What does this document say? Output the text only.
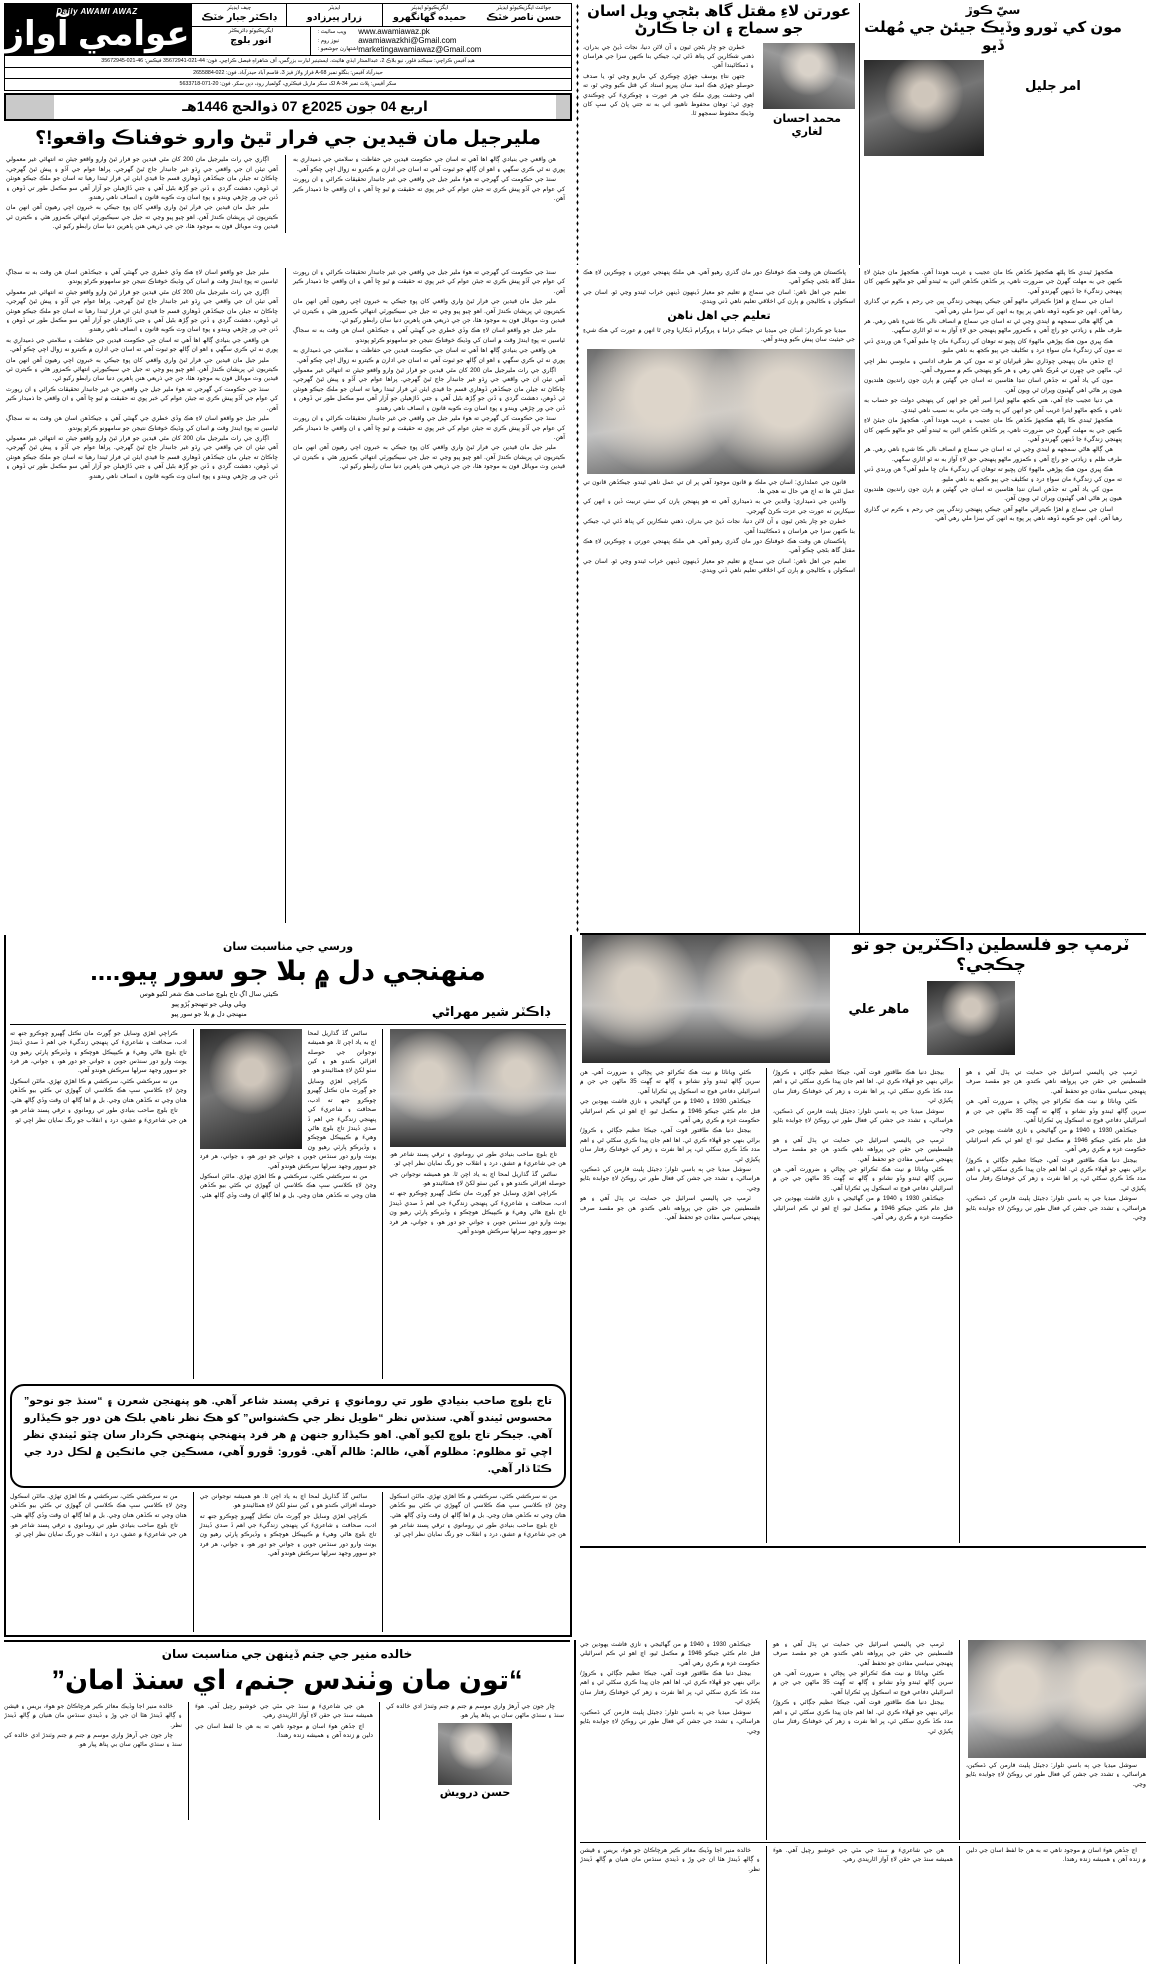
Daily AWAMI AWAZ
عوامي آواز
چيف ايڊيٽر
ڊاڪٽر جبار خٽڪ
ايڊيٽر
زرار پيرزادو
ايگزيڪيوٽو ايڊيٽر
حميده گهانگهرو
جوائنٽ ايگزيڪيوٽو ايڊيٽر
حسن ناصر خٽڪ
ايگزيڪيوٽو ڊائريڪٽر
انور بلوچ
ويب سائيٽ :
نيوز روم :
اشتهارن جوشعبو :
www.awamiawaz.pk
awamiawazkhi@Gmail.com
marketingawamiawaz@Gmail.com
هيڊ آفيس ڪراچي: سيڪنڊ فلور، نيو بلاڪ 2، عبدالستار ايڏي هائيٽ، ايستينبر لبارت بزرگس، آف شاهراهِ فيصل ڪراچي. فون: 44-021-35672941 فيڪس: 46-021-35672945
حيدرآباد آفيس: بنگلو نمبر 68-A فراز ولاز فيز 3، قاسم آباد حيدرآباد. فون: 022-2655884
سکر آفيس: پلاٽ نمبر 34-A لک سکر ماربل فيڪٽري، گولميار روڊ، دٻن سکر. فون: 20-071-5633718
اربع 04 جون 2025ع 07 ذوالحج 1446هـ
مليرجيل مان قيدين جي فرار ٿيڻ وارو خوفناڪ واقعو!؟

اڳاري جي رات مليرجيل مان 200 کان مٿي قيدين جو فرار ٿيڻ وارو واقعو جيئن ته انتهائي غير معمولي آهي تيئن ان جي واقعي جي رِڌو غير جانبدار جاج ٿيڻ گهرجي. پراها عوام جي آڏو ۽ پيش ٿيڻ گهرجي، چاڪاڻ ته جيلن مان جيڪڏهن ڏوهاري قسم جا قيدي ايئن ئي فرار ٿيندا رهيا ته اسان جو ملڪ جيڪو هونئن ئي ڏوهن، دهشت گردي ۽ ڏنن جو ڳڙھ بڻيل آهي ۽ جتي ڏاڙهيلن جو آزار آهي سو مڪمل طور تي ڏوهن ۽ ڏنن جي ور چڙهي ويندو ۽ پوءِ اسان وٽ ڪوبه قانون ۽ انصاف ناهي رهندو.

ملير جيل مان قيدين جي فرار ٿيڻ واري واقعي کان پوءِ جيڪي به خبرون اچي رهيون آهن انهن مان ڪيتريون ئي پريشان ڪندڙ آهن. اهو چيو پيو وڃي ته جيل جي سيڪيورٽي انتهائي ڪمزور هئي ۽ ڪيترن ئي قيدين وٽ موبائل فون به موجود هئا، جن جي ذريعي هنن ٻاهرين دنيا سان رابطو رکيو ٿي.

هن واقعي جي بنيادي ڳالھ اها آهي ته اسان جي حڪومت قيدين جي حفاظت ۽ سلامتي جي ذميداري به پوري نه ٿي ڪري سگهي ۽ اهو ان ڳالھ جو ثبوت آهي ته اسان جي ادارن ۾ ڪيترو نه زوال اچي چڪو آهي.

سنڌ جي حڪومت کي گهرجي ته هوءَ ملير جيل جي واقعي جي غير جانبدار تحقيقات ڪرائي ۽ ان رپورٽ کي عوام جي آڏو پيش ڪري ته جيئن عوام کي خبر پوي ته حقيقت ۾ ٿيو ڇا آهي ۽ ان واقعي جا ذميدار ڪير آهن.

عورتن لاءِ مقتل گاھ بڻجي ويل اسان جو سماج ۽ ان جا ڪارڻ

خطرن جو چار بڻجن ٿيون ۽ آن لائن دنيا، نجات ڏيڻ جي بدران، ذهني شڪارين کي پناھ ڏئي ٿي، جيڪي بنا ڪنهن سزا جي هراسان ۽ ڌمڪائيندا آهن.

جتهن نتاءِ يوسف جهڙي چوڪري کي ماريو وڃي ٿو، يا صدف حوصلو جهڙي هڪ اميد سان پيرپو استاد کي قتل ڪيو وڃي ٿو، ته اهي وحشت پوري ملڪ جي هر عورت ۽ چوڪريءَ کي چوڪندي چوي ٿي: توهان محفوظ ناهيو، اتي به نه جتي پاڻ کي سڀ کان وڌيڪ محفوظ سمجھو ٿا.	محمد احسان لغاري
سيّ ڪوڙ
مون کي ٽورو وڏيڪ جيئڻ جي مُهلت ڏيو
امر جليل

ملير جيل جو واقعو اسان لاءِ هڪ وڏي خطري جي گهنٽي آهي ۽ جيڪڏهن اسان هن وقت به نه سجاڳ ٿياسين ته پوءِ ايندڙ وقت ۾ اسان کي وڌيڪ خوفناڪ نتيجن جو سامهونو ڪرڻو پوندو.

اڳاري جي رات مليرجيل مان 200 کان مٿي قيدين جو فرار ٿيڻ وارو واقعو جيئن ته انتهائي غير معمولي آهي تيئن ان جي واقعي جي رِڌو غير جانبدار جاج ٿيڻ گهرجي. پراها عوام جي آڏو ۽ پيش ٿيڻ گهرجي، چاڪاڻ ته جيلن مان جيڪڏهن ڏوهاري قسم جا قيدي ايئن ئي فرار ٿيندا رهيا ته اسان جو ملڪ جيڪو هونئن ئي ڏوهن، دهشت گردي ۽ ڏنن جو ڳڙھ بڻيل آهي ۽ جتي ڏاڙهيلن جو آزار آهي سو مڪمل طور تي ڏوهن ۽ ڏنن جي ور چڙهي ويندو ۽ پوءِ اسان وٽ ڪوبه قانون ۽ انصاف ناهي رهندو.

هن واقعي جي بنيادي ڳالھ اها آهي ته اسان جي حڪومت قيدين جي حفاظت ۽ سلامتي جي ذميداري به پوري نه ٿي ڪري سگهي ۽ اهو ان ڳالھ جو ثبوت آهي ته اسان جي ادارن ۾ ڪيترو نه زوال اچي چڪو آهي.

ملير جيل مان قيدين جي فرار ٿيڻ واري واقعي کان پوءِ جيڪي به خبرون اچي رهيون آهن انهن مان ڪيتريون ئي پريشان ڪندڙ آهن. اهو چيو پيو وڃي ته جيل جي سيڪيورٽي انتهائي ڪمزور هئي ۽ ڪيترن ئي قيدين وٽ موبائل فون به موجود هئا، جن جي ذريعي هنن ٻاهرين دنيا سان رابطو رکيو ٿي.

سنڌ جي حڪومت کي گهرجي ته هوءَ ملير جيل جي واقعي جي غير جانبدار تحقيقات ڪرائي ۽ ان رپورٽ کي عوام جي آڏو پيش ڪري ته جيئن عوام کي خبر پوي ته حقيقت ۾ ٿيو ڇا آهي ۽ ان واقعي جا ذميدار ڪير آهن.

ملير جيل جو واقعو اسان لاءِ هڪ وڏي خطري جي گهنٽي آهي ۽ جيڪڏهن اسان هن وقت به نه سجاڳ ٿياسين ته پوءِ ايندڙ وقت ۾ اسان کي وڌيڪ خوفناڪ نتيجن جو سامهونو ڪرڻو پوندو.

اڳاري جي رات مليرجيل مان 200 کان مٿي قيدين جو فرار ٿيڻ وارو واقعو جيئن ته انتهائي غير معمولي آهي تيئن ان جي واقعي جي رِڌو غير جانبدار جاج ٿيڻ گهرجي. پراها عوام جي آڏو ۽ پيش ٿيڻ گهرجي، چاڪاڻ ته جيلن مان جيڪڏهن ڏوهاري قسم جا قيدي ايئن ئي فرار ٿيندا رهيا ته اسان جو ملڪ جيڪو هونئن ئي ڏوهن، دهشت گردي ۽ ڏنن جو ڳڙھ بڻيل آهي ۽ جتي ڏاڙهيلن جو آزار آهي سو مڪمل طور تي ڏوهن ۽ ڏنن جي ور چڙهي ويندو ۽ پوءِ اسان وٽ ڪوبه قانون ۽ انصاف ناهي رهندو.

سنڌ جي حڪومت کي گهرجي ته هوءَ ملير جيل جي واقعي جي غير جانبدار تحقيقات ڪرائي ۽ ان رپورٽ کي عوام جي آڏو پيش ڪري ته جيئن عوام کي خبر پوي ته حقيقت ۾ ٿيو ڇا آهي ۽ ان واقعي جا ذميدار ڪير آهن.

ملير جيل مان قيدين جي فرار ٿيڻ واري واقعي کان پوءِ جيڪي به خبرون اچي رهيون آهن انهن مان ڪيتريون ئي پريشان ڪندڙ آهن. اهو چيو پيو وڃي ته جيل جي سيڪيورٽي انتهائي ڪمزور هئي ۽ ڪيترن ئي قيدين وٽ موبائل فون به موجود هئا، جن جي ذريعي هنن ٻاهرين دنيا سان رابطو رکيو ٿي.

ملير جيل جو واقعو اسان لاءِ هڪ وڏي خطري جي گهنٽي آهي ۽ جيڪڏهن اسان هن وقت به نه سجاڳ ٿياسين ته پوءِ ايندڙ وقت ۾ اسان کي وڌيڪ خوفناڪ نتيجن جو سامهونو ڪرڻو پوندو.

هن واقعي جي بنيادي ڳالھ اها آهي ته اسان جي حڪومت قيدين جي حفاظت ۽ سلامتي جي ذميداري به پوري نه ٿي ڪري سگهي ۽ اهو ان ڳالھ جو ثبوت آهي ته اسان جي ادارن ۾ ڪيترو نه زوال اچي چڪو آهي.

اڳاري جي رات مليرجيل مان 200 کان مٿي قيدين جو فرار ٿيڻ وارو واقعو جيئن ته انتهائي غير معمولي آهي تيئن ان جي واقعي جي رِڌو غير جانبدار جاج ٿيڻ گهرجي. پراها عوام جي آڏو ۽ پيش ٿيڻ گهرجي، چاڪاڻ ته جيلن مان جيڪڏهن ڏوهاري قسم جا قيدي ايئن ئي فرار ٿيندا رهيا ته اسان جو ملڪ جيڪو هونئن ئي ڏوهن، دهشت گردي ۽ ڏنن جو ڳڙھ بڻيل آهي ۽ جتي ڏاڙهيلن جو آزار آهي سو مڪمل طور تي ڏوهن ۽ ڏنن جي ور چڙهي ويندو ۽ پوءِ اسان وٽ ڪوبه قانون ۽ انصاف ناهي رهندو.

سنڌ جي حڪومت کي گهرجي ته هوءَ ملير جيل جي واقعي جي غير جانبدار تحقيقات ڪرائي ۽ ان رپورٽ کي عوام جي آڏو پيش ڪري ته جيئن عوام کي خبر پوي ته حقيقت ۾ ٿيو ڇا آهي ۽ ان واقعي جا ذميدار ڪير آهن.

ملير جيل مان قيدين جي فرار ٿيڻ واري واقعي کان پوءِ جيڪي به خبرون اچي رهيون آهن انهن مان ڪيتريون ئي پريشان ڪندڙ آهن. اهو چيو پيو وڃي ته جيل جي سيڪيورٽي انتهائي ڪمزور هئي ۽ ڪيترن ئي قيدين وٽ موبائل فون به موجود هئا، جن جي ذريعي هنن ٻاهرين دنيا سان رابطو رکيو ٿي.

پاڪستان هن وقت هڪ خوفناڪ دور مان گذري رهيو آهي. هي ملڪ پنهنجي عورتن ۽ چوڪرين لاءِ هڪ مقتل گاھ بڻجي چڪو آهي.

تعليم جي اهل ناهن: اسان جي سماج ۾ تعليم جو معيار ڏينهون ڏينهن خراب ٿيندو وڃي ٿو. اسان جي اسڪولن ۽ ڪاليجن ۾ ٻارن کي اخلاقي تعليم ناهي ڏني ويندي.

تعليم جي اهل ناهن

ميڊيا جو ڪردار: اسان جي ميڊيا تي جيڪي ڊراما ۽ پروگرام ڏيکاريا وڃن ٿا انهن ۾ عورت کي هڪ شيءِ جي حيثيت سان پيش ڪيو ويندو آهي.

قانون جي عملداري: اسان جي ملڪ ۾ قانون موجود آهي پر ان تي عمل ناهي ٿيندو. جيڪڏهن قانون تي عمل ٿئي ها ته اڄ هي حال نه هجي ها.

والدين جي ذميداري: والدين جي به ذميداري آهي ته هو پنهنجن ٻارن کي سٺي تربيت ڏين ۽ انهن کي سيکارين ته عورت جي عزت ڪرڻ گهرجي.

خطرن جو چار بڻجن ٿيون ۽ آن لائن دنيا، نجات ڏيڻ جي بدران، ذهني شڪارين کي پناھ ڏئي ٿي، جيڪي بنا ڪنهن سزا جي هراسان ۽ ڌمڪائيندا آهن.

پاڪستان هن وقت هڪ خوفناڪ دور مان گذري رهيو آهي. هي ملڪ پنهنجي عورتن ۽ چوڪرين لاءِ هڪ مقتل گاھ بڻجي چڪو آهي.

تعليم جي اهل ناهن: اسان جي سماج ۾ تعليم جو معيار ڏينهون ڏينهن خراب ٿيندو وڃي ٿو. اسان جي اسڪولن ۽ ڪاليجن ۾ ٻارن کي اخلاقي تعليم ناهي ڏني ويندي.

هڪجهڙ ٿيندي ڪا پلٿھ هڪجهڙ ڪڏھن ڪا مان عجيب ۽ غريب هوندا آهن. هڪجهڙ مان جيئڻ لاءِ ڪنهن جي به مهلت گهرڻ جي ضرورت ناهي، پر ڪڏهن ڪڏهن ائين به ٿيندو آهي جو ماڻهو ڪنهن کان پنهنجي زندگيءَ جا ڏينهن گهرندو آهي.

اسان جي سماج ۾ اهڙا ڪيترائي ماڻهو آهن جيڪي پنهنجي زندگي ٻين جي رحم ۽ ڪرم تي گذاري رهيا آهن. انهن جو ڪوبه ڏوهه ناهي پر پوءِ به انهن کي سزا ملي رهي آهي.

هي ڳالھ هاڻي سمجهه ۾ ايندي وڃي ٿي ته اسان جي سماج ۾ انصاف نالي ڪا شيءِ ناهي رهي. هر طرف ظلم ۽ زيادتي جو راڄ آهي ۽ ڪمزور ماڻهو پنهنجي حق لاءِ آواز به نه ٿو اٿاري سگهي.

هڪ ڀيري مون هڪ پوڙهي ماڻهوءَ کان پڇيو ته توهان کي زندگيءَ مان ڇا مليو آهي؟ هن ورندي ڏني ته مون کي زندگيءَ مان سواءِ درد ۽ تڪليف جي ٻيو ڪجھ به ناهي مليو.

اڄ جڏهن مان پنهنجي چوڌاري نظر ڦيرايان ٿو ته مون کي هر طرف اداسي ۽ مايوسي نظر اچي ٿي. ماڻهن جي چهرن تي مُرڪ ناهي رهي ۽ هر ڪو پنهنجي ڪم ۾ مصروف آهي.

مون کي ياد آهي ته جڏهن اسان ننڍا هئاسين ته اسان جي گهٽين ۾ ٻارن جون رانديون هلنديون هيون پر هاڻي اهي گهٽيون ويران ٿي ويون آهن.

هي دنيا عجيب جاءِ آهي، هتي ڪجھ ماڻهو ايترا امير آهن جو انهن کي پنهنجي دولت جو حساب به ناهي ۽ ڪجھ ماڻهو ايترا غريب آهن جو انهن کي ٻه وقت جي ماني به نصيب ناهي ٿيندي.

هڪجهڙ ٿيندي ڪا پلٿھ هڪجهڙ ڪڏھن ڪا مان عجيب ۽ غريب هوندا آهن. هڪجهڙ مان جيئڻ لاءِ ڪنهن جي به مهلت گهرڻ جي ضرورت ناهي، پر ڪڏهن ڪڏهن ائين به ٿيندو آهي جو ماڻهو ڪنهن کان پنهنجي زندگيءَ جا ڏينهن گهرندو آهي.

هي ڳالھ هاڻي سمجهه ۾ ايندي وڃي ٿي ته اسان جي سماج ۾ انصاف نالي ڪا شيءِ ناهي رهي. هر طرف ظلم ۽ زيادتي جو راڄ آهي ۽ ڪمزور ماڻهو پنهنجي حق لاءِ آواز به نه ٿو اٿاري سگهي.

هڪ ڀيري مون هڪ پوڙهي ماڻهوءَ کان پڇيو ته توهان کي زندگيءَ مان ڇا مليو آهي؟ هن ورندي ڏني ته مون کي زندگيءَ مان سواءِ درد ۽ تڪليف جي ٻيو ڪجھ به ناهي مليو.

مون کي ياد آهي ته جڏهن اسان ننڍا هئاسين ته اسان جي گهٽين ۾ ٻارن جون رانديون هلنديون هيون پر هاڻي اهي گهٽيون ويران ٿي ويون آهن.

اسان جي سماج ۾ اهڙا ڪيترائي ماڻهو آهن جيڪي پنهنجي زندگي ٻين جي رحم ۽ ڪرم تي گذاري رهيا آهن. انهن جو ڪوبه ڏوهه ناهي پر پوءِ به انهن کي سزا ملي رهي آهي.

ورسي جي مناسبت سان
منهنجي دل ۾ بلا جو سور پيو....
ڪيئي سال اڳ تاج بلوچ صاحب هڪ شعر لکيو هوس
ويلي ويلي جو تنهنجو ٻُڙو پيو
منهنجي دل ۾ بلا جو سور پيو	ڊاڪٽر شير مهراڻي

ڪراچي اهڙي وسايل جو ڳورٿ مان نڪتل ڳهيرو چوڪرو جنھ ته ادب، صحافت ۽ شاعريءَ کي پنهنجي زندگيءَ جي اهم ڏ صدي ڏيندڙ تاج بلوچ هاڻي وهيءَ ۾ ڪيپيڪل هوچڪو ۽ وڏيرڪو پارٽي رهيو ون يونٽ وارو دور سنڌس جوبن ۽ جواني جو دور هو، ۽ جواني، هر فرد جو سوور وجهد سرلها سرڪش هوندو آهي.

من نه سرڪشي ڪئي، سرڪشي ۾ ڪا اهڙي تهڙي. مائٽن اسڪول وڃڻ لاءِ ڪلاسي سڀ هڪ ڪلاسي ان گهوڙي تي ڪئي بيو ڪڏھن هتان وڃي ته ڪڏھن هتان وڃي. بل ۾ اها ڳالھ ان وقت وڏي ڳالھ هئي.

تاج بلوچ صاحب بنيادي طور تي رومانوي ۽ ترقي پسند شاعر هو. هن جي شاعريءَ ۾ عشق، درد ۽ انقلاب جو رنگ نمايان نظر اچي ٿو.

ساڻس گڏ گذاريل لمحا اڄ به ياد اچن ٿا. هو هميشه نوجوانن جي حوصله افزائي ڪندو هو ۽ کين سٺو لکڻ لاءِ همٿائيندو هو.

ڪراچي اهڙي وسايل جو ڳورٿ مان نڪتل ڳهيرو چوڪرو جنھ ته ادب، صحافت ۽ شاعريءَ کي پنهنجي زندگيءَ جي اهم ڏ صدي ڏيندڙ تاج بلوچ هاڻي وهيءَ ۾ ڪيپيڪل هوچڪو ۽ وڏيرڪو پارٽي رهيو ون يونٽ وارو دور سنڌس جوبن ۽ جواني جو دور هو، ۽ جواني، هر فرد جو سوور وجهد سرلها سرڪش هوندو آهي.

من نه سرڪشي ڪئي، سرڪشي ۾ ڪا اهڙي تهڙي. مائٽن اسڪول وڃڻ لاءِ ڪلاسي سڀ هڪ ڪلاسي ان گهوڙي تي ڪئي بيو ڪڏھن هتان وڃي ته ڪڏھن هتان وڃي. بل ۾ اها ڳالھ ان وقت وڏي ڳالھ هئي.

تاج بلوچ صاحب بنيادي طور تي رومانوي ۽ ترقي پسند شاعر هو. هن جي شاعريءَ ۾ عشق، درد ۽ انقلاب جو رنگ نمايان نظر اچي ٿو.

ساڻس گڏ گذاريل لمحا اڄ به ياد اچن ٿا. هو هميشه نوجوانن جي حوصله افزائي ڪندو هو ۽ کين سٺو لکڻ لاءِ همٿائيندو هو.

ڪراچي اهڙي وسايل جو ڳورٿ مان نڪتل ڳهيرو چوڪرو جنھ ته ادب، صحافت ۽ شاعريءَ کي پنهنجي زندگيءَ جي اهم ڏ صدي ڏيندڙ تاج بلوچ هاڻي وهيءَ ۾ ڪيپيڪل هوچڪو ۽ وڏيرڪو پارٽي رهيو ون يونٽ وارو دور سنڌس جوبن ۽ جواني جو دور هو، ۽ جواني، هر فرد جو سوور وجهد سرلها سرڪش هوندو آهي.

تاج بلوچ صاحب بنيادي طور تي رومانوي ۽ ترقي پسند شاعر آهي. هو پنهنجن شعرن ۽ “سنڌ جو نوحو” محسوس ٿيندو آهي. سنڌس نظر “طويل نظر جي ڪشنواس” کو هڪ نظر ناهي بلڪ هن دور جو ڪيڏارو آهي. جيڪر تاج بلوچ لکيو آهي. اهو ڪيڏارو جنهن ۾ هر فرد پنهنجي پنهنجي ڪردار سان چٽو ٿيندي نظر اچي ٿو مظلوم: مظلوم آهي، ظالم: ظالم آهي. ڦورو: ڦورو آهي، مسڪين جي ماٺڪين ۾ لڪل درد جي ڪٿا ڌار آهي.

من نه سرڪشي ڪئي، سرڪشي ۾ ڪا اهڙي تهڙي. مائٽن اسڪول وڃڻ لاءِ ڪلاسي سڀ هڪ ڪلاسي ان گهوڙي تي ڪئي بيو ڪڏھن هتان وڃي ته ڪڏھن هتان وڃي. بل ۾ اها ڳالھ ان وقت وڏي ڳالھ هئي.

تاج بلوچ صاحب بنيادي طور تي رومانوي ۽ ترقي پسند شاعر هو. هن جي شاعريءَ ۾ عشق، درد ۽ انقلاب جو رنگ نمايان نظر اچي ٿو.

ساڻس گڏ گذاريل لمحا اڄ به ياد اچن ٿا. هو هميشه نوجوانن جي حوصله افزائي ڪندو هو ۽ کين سٺو لکڻ لاءِ همٿائيندو هو.

ڪراچي اهڙي وسايل جو ڳورٿ مان نڪتل ڳهيرو چوڪرو جنھ ته ادب، صحافت ۽ شاعريءَ کي پنهنجي زندگيءَ جي اهم ڏ صدي ڏيندڙ تاج بلوچ هاڻي وهيءَ ۾ ڪيپيڪل هوچڪو ۽ وڏيرڪو پارٽي رهيو ون يونٽ وارو دور سنڌس جوبن ۽ جواني جو دور هو، ۽ جواني، هر فرد جو سوور وجهد سرلها سرڪش هوندو آهي.

من نه سرڪشي ڪئي، سرڪشي ۾ ڪا اهڙي تهڙي. مائٽن اسڪول وڃڻ لاءِ ڪلاسي سڀ هڪ ڪلاسي ان گهوڙي تي ڪئي بيو ڪڏھن هتان وڃي ته ڪڏھن هتان وڃي. بل ۾ اها ڳالھ ان وقت وڏي ڳالھ هئي.

تاج بلوچ صاحب بنيادي طور تي رومانوي ۽ ترقي پسند شاعر هو. هن جي شاعريءَ ۾ عشق، درد ۽ انقلاب جو رنگ نمايان نظر اچي ٿو.

ٽرمپ جو فلسطين ڊاڪٽرين جو تو چڪجي؟
ماهر علي

ڪئي وياناٽا ۾ نيٺ هڪ ٽڪرائو جي پڄاڻي ۽ ضرورت آهي. هن سرين ڳالھ ٿيندو وڏو نشانو ۽ ڳالھ ته ڳهت 35 ماڻهن جي جن ۾ اسرائيلي دفاعي فوج ته اسڪول ڀي ٽڪرايا آهي.

جيڪڏهن 1930 ۽ 1940 ۾ من گهاڻيجي ۽ نازي فاشٽ يهودين جي قتل عام ڪئي جيڪو 1946 ۾ مڪمل ٿيو، اڄ اهو ئي ڪم اسرائيلي حڪومت غزه ۾ ڪري رهي آهي.

بيجتل دنيا هڪ طاقتور قوت آهي، جيڪا عظيم جڳائي ۽ ڪروڙ/ برائي بنهي جو ڦهلاء ڪري ٿي. اها اهم جان پيدا ڪري سکڻي ٿي ۽ اهم مدد ڪڏ ڪري سکڻي ٿي، پر اها نفرت ۽ زهر کي خوفناڪ رفتار سان پکيڙي ٿي.

سوشل ميڊيا جي ٻه باسي تلوار: ڊجيٽل پليٽ فارمن کي ڌمڪين، هراساڻي، ۽ تشدد جي جشن کي فعال طور تي روڪڻ لاءِ جوابده بڻايو وڃي.

ٽرمپ جي پاليسي اسرائيل جي حمايت تي ٻڌل آهي ۽ هو فلسطينين جي حقن جي پرواهه ناهي ڪندو. هن جو مقصد صرف پنهنجي سياسي مفادن جو تحفظ آهي.

بيجتل دنيا هڪ طاقتور قوت آهي، جيڪا عظيم جڳائي ۽ ڪروڙ/ برائي بنهي جو ڦهلاء ڪري ٿي. اها اهم جان پيدا ڪري سکڻي ٿي ۽ اهم مدد ڪڏ ڪري سکڻي ٿي، پر اها نفرت ۽ زهر کي خوفناڪ رفتار سان پکيڙي ٿي.

سوشل ميڊيا جي ٻه باسي تلوار: ڊجيٽل پليٽ فارمن کي ڌمڪين، هراساڻي، ۽ تشدد جي جشن کي فعال طور تي روڪڻ لاءِ جوابده بڻايو وڃي.

ٽرمپ جي پاليسي اسرائيل جي حمايت تي ٻڌل آهي ۽ هو فلسطينين جي حقن جي پرواهه ناهي ڪندو. هن جو مقصد صرف پنهنجي سياسي مفادن جو تحفظ آهي.

ڪئي وياناٽا ۾ نيٺ هڪ ٽڪرائو جي پڄاڻي ۽ ضرورت آهي. هن سرين ڳالھ ٿيندو وڏو نشانو ۽ ڳالھ ته ڳهت 35 ماڻهن جي جن ۾ اسرائيلي دفاعي فوج ته اسڪول ڀي ٽڪرايا آهي.

جيڪڏهن 1930 ۽ 1940 ۾ من گهاڻيجي ۽ نازي فاشٽ يهودين جي قتل عام ڪئي جيڪو 1946 ۾ مڪمل ٿيو، اڄ اهو ئي ڪم اسرائيلي حڪومت غزه ۾ ڪري رهي آهي.

ٽرمپ جي پاليسي اسرائيل جي حمايت تي ٻڌل آهي ۽ هو فلسطينين جي حقن جي پرواهه ناهي ڪندو. هن جو مقصد صرف پنهنجي سياسي مفادن جو تحفظ آهي.

ڪئي وياناٽا ۾ نيٺ هڪ ٽڪرائو جي پڄاڻي ۽ ضرورت آهي. هن سرين ڳالھ ٿيندو وڏو نشانو ۽ ڳالھ ته ڳهت 35 ماڻهن جي جن ۾ اسرائيلي دفاعي فوج ته اسڪول ڀي ٽڪرايا آهي.

جيڪڏهن 1930 ۽ 1940 ۾ من گهاڻيجي ۽ نازي فاشٽ يهودين جي قتل عام ڪئي جيڪو 1946 ۾ مڪمل ٿيو، اڄ اهو ئي ڪم اسرائيلي حڪومت غزه ۾ ڪري رهي آهي.

بيجتل دنيا هڪ طاقتور قوت آهي، جيڪا عظيم جڳائي ۽ ڪروڙ/ برائي بنهي جو ڦهلاء ڪري ٿي. اها اهم جان پيدا ڪري سکڻي ٿي ۽ اهم مدد ڪڏ ڪري سکڻي ٿي، پر اها نفرت ۽ زهر کي خوفناڪ رفتار سان پکيڙي ٿي.

سوشل ميڊيا جي ٻه باسي تلوار: ڊجيٽل پليٽ فارمن کي ڌمڪين، هراساڻي، ۽ تشدد جي جشن کي فعال طور تي روڪڻ لاءِ جوابده بڻايو وڃي.

خالده منير جي جنم ڏينهن جي مناسبت سان
“تون مان وٺندس جنم، اي سنڌ امان”

خالده منير اجا وڏيڪ معاثر ڪير هرچاڪاڻ جو هوءَ، بريس ۽ قيشن ۽ ڳالھ ڏيندڙ هئا ان جي وڙ ۽ ڏيندي سنڌس مان هنيان ۾ ڳالھ ڏيندڙ نظر.

چار جون جي آرهڙ واري موسم ۾ جنم ۾ جنم وٺندڙ ادي خالده کي سنڌ ۽ سنڌي ماڻهن سان بي پناھ پيار هو.

هن جي شاعريءَ ۾ سنڌ جي مٽي جي خوشبو رچيل آهي. هوءَ هميشه سنڌ جي حقن لاءِ آواز اٿاريندي رهي.

اڄ جڏهن هوءَ اسان ۾ موجود ناهي ته به هن جا لفظ اسان جي دلين ۾ زنده آهن ۽ هميشه زنده رهندا.

چار جون جي آرهڙ واري موسم ۾ جنم ۾ جنم وٺندڙ ادي خالده کي سنڌ ۽ سنڌي ماڻهن سان بي پناھ پيار هو.

حسن درويش

جيڪڏهن 1930 ۽ 1940 ۾ من گهاڻيجي ۽ نازي فاشٽ يهودين جي قتل عام ڪئي جيڪو 1946 ۾ مڪمل ٿيو، اڄ اهو ئي ڪم اسرائيلي حڪومت غزه ۾ ڪري رهي آهي.

بيجتل دنيا هڪ طاقتور قوت آهي، جيڪا عظيم جڳائي ۽ ڪروڙ/ برائي بنهي جو ڦهلاء ڪري ٿي. اها اهم جان پيدا ڪري سکڻي ٿي ۽ اهم مدد ڪڏ ڪري سکڻي ٿي، پر اها نفرت ۽ زهر کي خوفناڪ رفتار سان پکيڙي ٿي.

سوشل ميڊيا جي ٻه باسي تلوار: ڊجيٽل پليٽ فارمن کي ڌمڪين، هراساڻي، ۽ تشدد جي جشن کي فعال طور تي روڪڻ لاءِ جوابده بڻايو وڃي.

ٽرمپ جي پاليسي اسرائيل جي حمايت تي ٻڌل آهي ۽ هو فلسطينين جي حقن جي پرواهه ناهي ڪندو. هن جو مقصد صرف پنهنجي سياسي مفادن جو تحفظ آهي.

ڪئي وياناٽا ۾ نيٺ هڪ ٽڪرائو جي پڄاڻي ۽ ضرورت آهي. هن سرين ڳالھ ٿيندو وڏو نشانو ۽ ڳالھ ته ڳهت 35 ماڻهن جي جن ۾ اسرائيلي دفاعي فوج ته اسڪول ڀي ٽڪرايا آهي.

بيجتل دنيا هڪ طاقتور قوت آهي، جيڪا عظيم جڳائي ۽ ڪروڙ/ برائي بنهي جو ڦهلاء ڪري ٿي. اها اهم جان پيدا ڪري سکڻي ٿي ۽ اهم مدد ڪڏ ڪري سکڻي ٿي، پر اها نفرت ۽ زهر کي خوفناڪ رفتار سان پکيڙي ٿي.

سوشل ميڊيا جي ٻه باسي تلوار: ڊجيٽل پليٽ فارمن کي ڌمڪين، هراساڻي، ۽ تشدد جي جشن کي فعال طور تي روڪڻ لاءِ جوابده بڻايو وڃي.

خالده منير اجا وڏيڪ معاثر ڪير هرچاڪاڻ جو هوءَ، بريس ۽ قيشن ۽ ڳالھ ڏيندڙ هئا ان جي وڙ ۽ ڏيندي سنڌس مان هنيان ۾ ڳالھ ڏيندڙ نظر.

هن جي شاعريءَ ۾ سنڌ جي مٽي جي خوشبو رچيل آهي. هوءَ هميشه سنڌ جي حقن لاءِ آواز اٿاريندي رهي.

اڄ جڏهن هوءَ اسان ۾ موجود ناهي ته به هن جا لفظ اسان جي دلين ۾ زنده آهن ۽ هميشه زنده رهندا.
